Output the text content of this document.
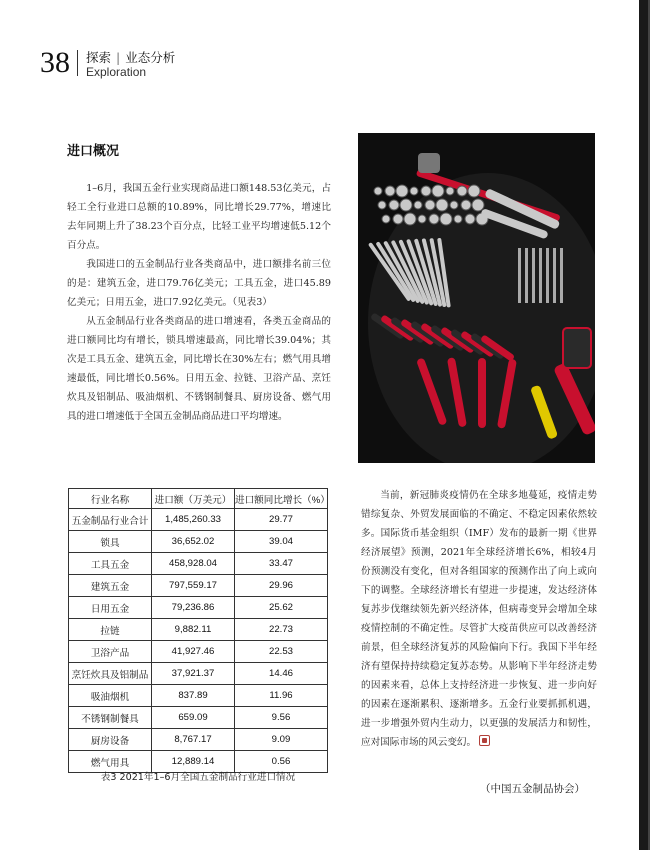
38 探索 | 业态分析
Exploration
进口概况

1–6月，我国五金行业实现商品进口额148.53亿美元，占轻工全行业进口总额的10.89%，同比增长29.77%，增速比去年同期上升了38.23个百分点，比轻工业平均增速低5.12个百分点。

我国进口的五金制品行业各类商品中，进口额排名前三位的是：建筑五金，进口79.76亿美元；工具五金，进口45.89亿美元；日用五金，进口7.92亿美元。（见表3）

从五金制品行业各类商品的进口增速看，各类五金商品的进口额同比均有增长，锁具增速最高，同比增长39.04%；其次是工具五金、建筑五金，同比增长在30%左右；燃气用具增速最低，同比增长0.56%。日用五金、拉链、卫浴产品、烹饪炊具及铝制品、吸油烟机、不锈钢制餐具、厨房设备、燃气用具的进口增速低于全国五金制品商品进口平均增速。

行业名称	进口额（万美元）	进口额同比增长（%）
五金制品行业合计	1,485,260.33	29.77
锁具	36,652.02	39.04
工具五金	458,928.04	33.47
建筑五金	797,559.17	29.96
日用五金	79,236.86	25.62
拉链	9,882.11	22.73
卫浴产品	41,927.46	22.53
烹饪炊具及铝制品	37,921.37	14.46
吸油烟机	837.89	11.96
不锈钢制餐具	659.09	9.56
厨房设备	8,767.17	9.09
燃气用具	12,889.14	0.56
表3 2021年1–6月全国五金制品行业进口情况

当前，新冠肺炎疫情仍在全球多地蔓延，疫情走势错综复杂、外贸发展面临的不确定、不稳定因素依然较多。国际货币基金组织（IMF）发布的最新一期《世界经济展望》预测，2021年全球经济增长6%，相较4月份预测没有变化，但对各组国家的预测作出了向上或向下的调整。全球经济增长有望进一步提速，发达经济体复苏步伐继续领先新兴经济体，但病毒变异会增加全球疫情控制的不确定性。尽管扩大疫苗供应可以改善经济前景，但全球经济复苏的风险偏向下行。我国下半年经济有望保持持续稳定复苏态势。从影响下半年经济走势的因素来看，总体上支持经济进一步恢复、进一步向好的因素在逐渐累积、逐渐增多。五金行业要抓抓机遇，进一步增强外贸内生动力，以更强的发展活力和韧性，应对国际市场的风云变幻。

（中国五金制品协会）
